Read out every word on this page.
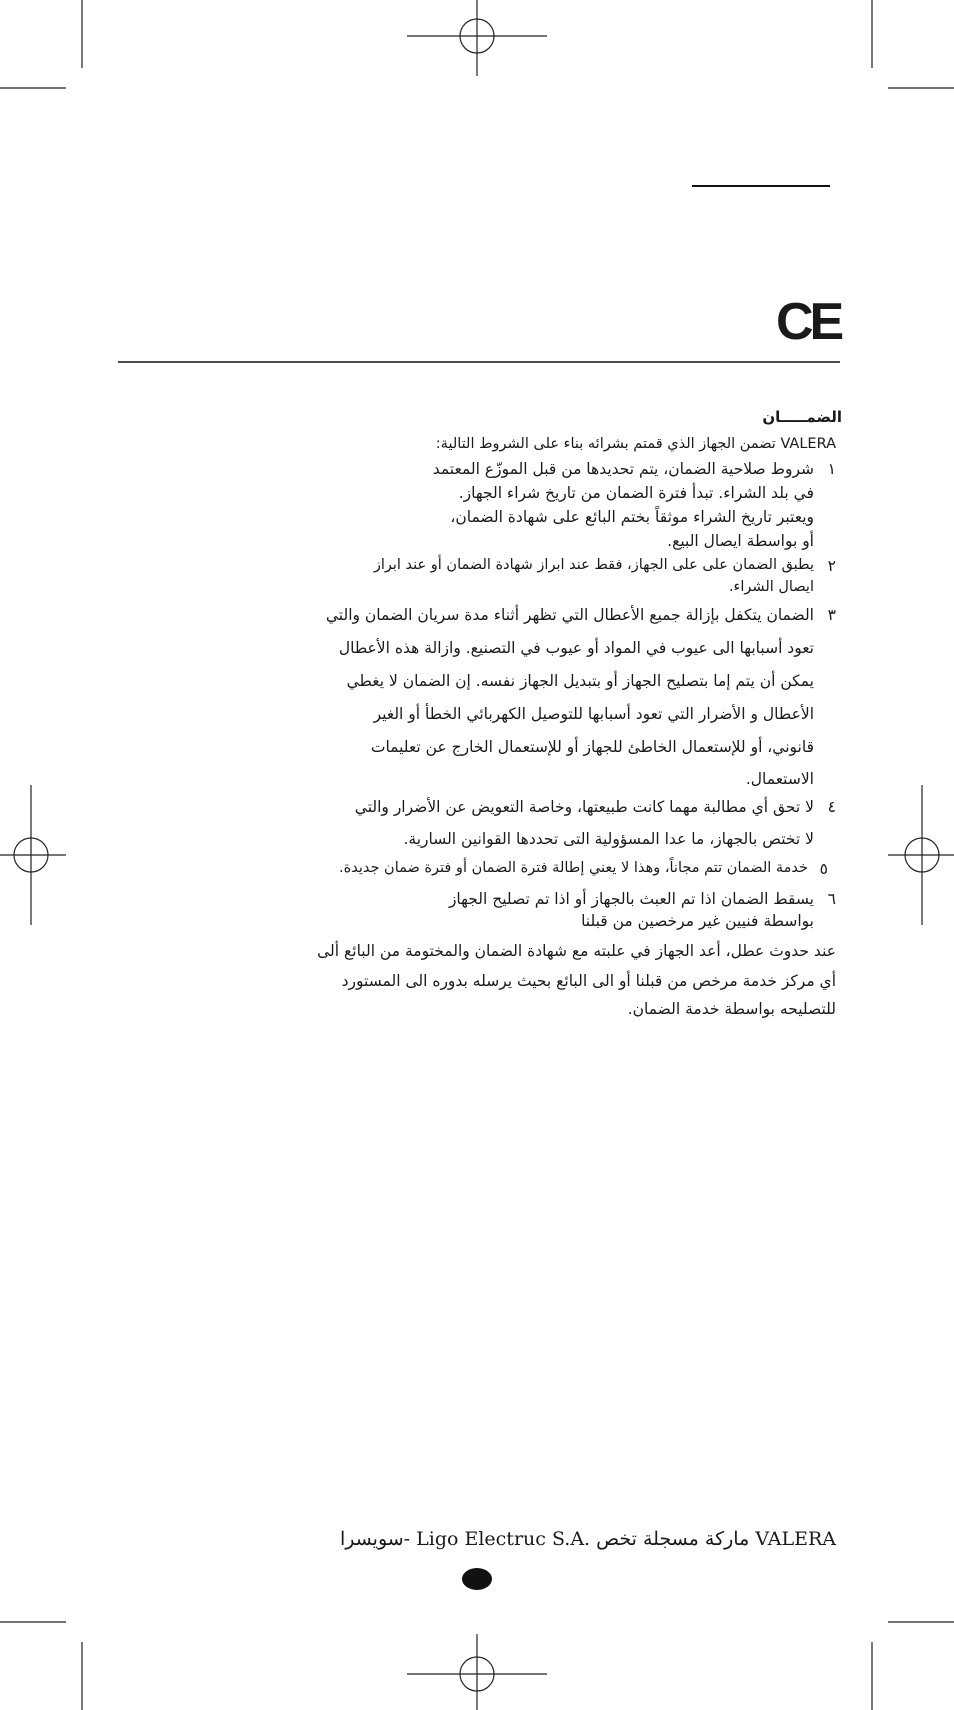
CE
الضمـــــان
VALERA تضمن الجهاز الذي قمتم بشرائه بناء على الشروط التالية:
١
شروط صلاحية الضمان، يتم تحديدها من قبل الموزّع المعتمد
في بلد الشراء. تبدأ فترة الضمان من تاريخ شراء الجهاز.
ويعتبر تاريخ الشراء موثقاً بختم البائع على شهادة الضمان،
أو بواسطة ايصال البيع.
٢
يطبق الضمان على على الجهاز، فقط عند ابراز شهادة الضمان أو عند ابراز
ايصال الشراء.
٣
الضمان يتكفل بإزالة جميع الأعطال التي تظهر أثناء مدة سريان الضمان والتي
تعود أسبابها الى عيوب في المواد أو عيوب في التصنيع. وازالة هذه الأعطال
يمكن أن يتم إما بتصليح الجهاز أو بتبديل الجهاز نفسه. إن الضمان لا يغطي
الأعطال و الأضرار التي تعود أسبابها للتوصيل الكهربائي الخطأ أو الغير
قانوني، أو للإستعمال الخاطئ للجهاز أو للإستعمال الخارج عن تعليمات
الاستعمال.
٤
لا تحق أي مطالبة مهما كانت طبيعتها، وخاصة التعويض عن الأضرار والتي
لا تختص بالجهاز، ما عدا المسؤولية التى تحددها القوانين السارية.
٥
خدمة الضمان تتم مجاناً، وهذا لا يعني إطالة فترة الضمان أو فترة ضمان جديدة.
٦
يسقط الضمان اذا تم العبث بالجهاز أو اذا تم تصليح الجهاز
بواسطة فنيين غير مرخصين من قبلنا
عند حدوث عطل، أعد الجهاز في علبته مع شهادة الضمان والمختومة من البائع ألى
أي مركز خدمة مرخص من قبلنا أو الى البائع بحيث يرسله بدوره الى المستورد
للتصليحه بواسطة خدمة الضمان.
VALERA ماركة مسجلة تخص .Ligo Electruc S.A -سويسرا
